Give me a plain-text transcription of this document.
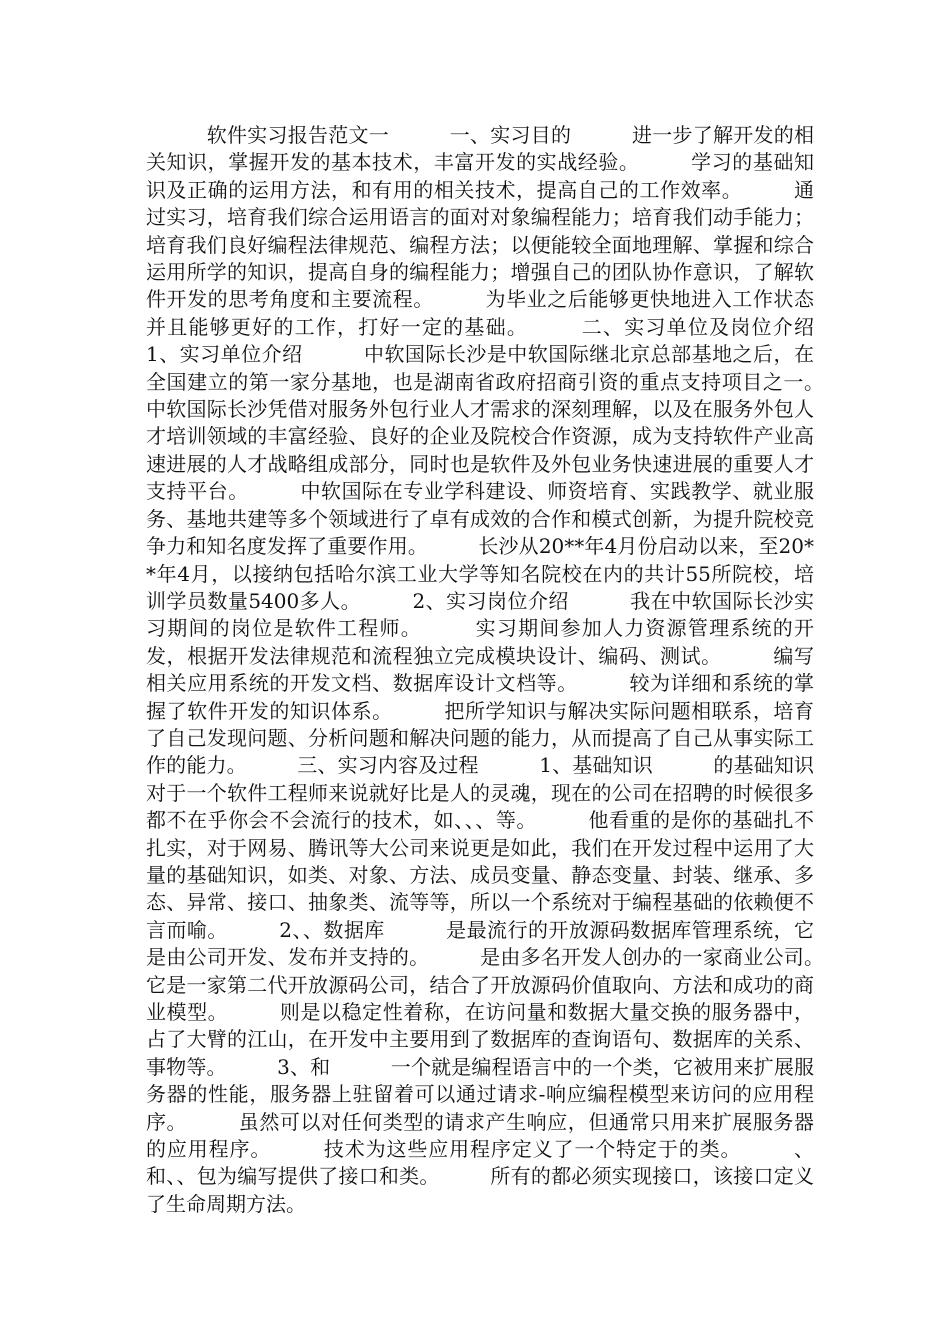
　　　软件实习报告范文一　　　一、实习目的　　　进一步了解开发的相关知识，掌握开发的基本技术，丰富开发的实战经验。　　　学习的基础知识及正确的运用方法，和有用的相关技术，提高自己的工作效率。　　　通过实习，培育我们综合运用语言的面对对象编程能力；培育我们动手能力；培育我们良好编程法律规范、编程方法；以便能较全面地理解、掌握和综合运用所学的知识，提高自身的编程能力；增强自己的团队协作意识，了解软件开发的思考角度和主要流程。　　　为毕业之后能够更快地进入工作状态并且能够更好的工作，打好一定的基础。　　　二、实习单位及岗位介绍　　　1、实习单位介绍　　　中软国际长沙是中软国际继北京总部基地之后，在全国建立的第一家分基地，也是湖南省政府招商引资的重点支持项目之一。　　　中软国际长沙凭借对服务外包行业人才需求的深刻理解，以及在服务外包人才培训领域的丰富经验、良好的企业及院校合作资源，成为支持软件产业高速进展的人才战略组成部分，同时也是软件及外包业务快速进展的重要人才支持平台。　　　中软国际在专业学科建设、师资培育、实践教学、就业服务、基地共建等多个领域进行了卓有成效的合作和模式创新，为提升院校竞争力和知名度发挥了重要作用。　　　长沙从20**年4月份启动以来，至20**年4月，以接纳包括哈尔滨工业大学等知名院校在内的共计55所院校，培训学员数量5400多人。　　　2、实习岗位介绍　　　我在中软国际长沙实习期间的岗位是软件工程师。　　　实习期间参加人力资源管理系统的开发，根据开发法律规范和流程独立完成模块设计、编码、测试。　　　编写相关应用系统的开发文档、数据库设计文档等。　　　较为详细和系统的掌握了软件开发的知识体系。　　　把所学知识与解决实际问题相联系，培育了自己发现问题、分析问题和解决问题的能力，从而提高了自己从事实际工作的能力。　　　三、实习内容及过程　　　1、基础知识　　　的基础知识对于一个软件工程师来说就好比是人的灵魂，现在的公司在招聘的时候很多都不在乎你会不会流行的技术，如、、、等。　　　他看重的是你的基础扎不扎实，对于网易、腾讯等大公司来说更是如此，我们在开发过程中运用了大量的基础知识，如类、对象、方法、成员变量、静态变量、封装、继承、多态、异常、接口、抽象类、流等等，所以一个系统对于编程基础的依赖便不言而喻。　　　2、、数据库　　　是最流行的开放源码数据库管理系统，它是由公司开发、发布并支持的。　　　是由多名开发人创办的一家商业公司。　　　它是一家第二代开放源码公司，结合了开放源码价值取向、方法和成功的商业模型。　　　则是以稳定性着称，在访问量和数据大量交换的服务器中，占了大臂的江山，在开发中主要用到了数据库的查询语句、数据库的关系、事物等。　　　3、和　　　一个就是编程语言中的一个类，它被用来扩展服务器的性能，服务器上驻留着可以通过请求-响应编程模型来访问的应用程序。　　　虽然可以对任何类型的请求产生响应，但通常只用来扩展服务器的应用程序。　　　技术为这些应用程序定义了一个特定于的类。　　　、和、、包为编写提供了接口和类。　　　所有的都必须实现接口，该接口定义了生命周期方法。
